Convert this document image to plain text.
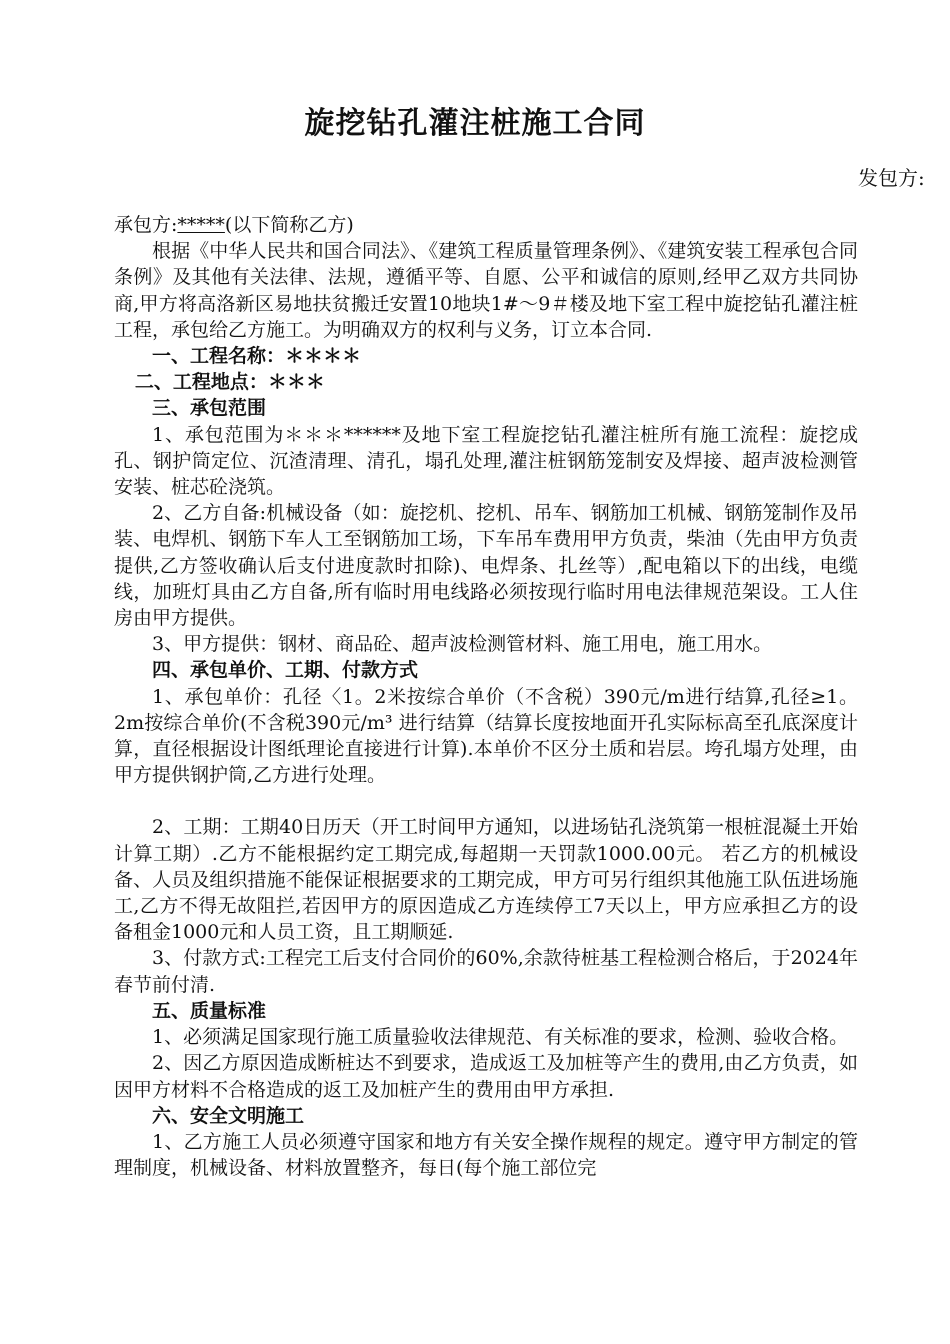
旋挖钻孔灌注桩施工合同
发包方:

承包方:*****(以下简称乙方)

根据《中华人民共和国合同法》、《建筑工程质量管理条例》、《建筑安装工程承包合同条例》及其他有关法律、法规，遵循平等、自愿、公平和诚信的原则,经甲乙双方共同协商,甲方将高洛新区易地扶贫搬迁安置10地块1#～9＃楼及地下室工程中旋挖钻孔灌注桩工程，承包给乙方施工。为明确双方的权利与义务，订立本合同.

一、工程名称：＊＊＊＊

二、工程地点：＊＊＊

三、承包范围

1、承包范围为＊＊＊******及地下室工程旋挖钻孔灌注桩所有施工流程：旋挖成孔、钢护筒定位、沉渣清理、清孔，塌孔处理,灌注桩钢筋笼制安及焊接、超声波检测管安装、桩芯砼浇筑。

2、乙方自备:机械设备（如：旋挖机、挖机、吊车、钢筋加工机械、钢筋笼制作及吊装、电焊机、钢筋下车人工至钢筋加工场，下车吊车费用甲方负责，柴油（先由甲方负责提供,乙方签收确认后支付进度款时扣除)、电焊条、扎丝等）,配电箱以下的出线，电缆线，加班灯具由乙方自备,所有临时用电线路必须按现行临时用电法律规范架设。工人住房由甲方提供。

3、甲方提供：钢材、商品砼、超声波检测管材料、施工用电，施工用水。

四、承包单价、工期、付款方式

1、承包单价：孔径〈1。2米按综合单价（不含税）390元/m进行结算,孔径≥1。2m按综合单价(不含税390元/m³ 进行结算（结算长度按地面开孔实际标高至孔底深度计算，直径根据设计图纸理论直接进行计算).本单价不区分土质和岩层。垮孔塌方处理，由甲方提供钢护筒,乙方进行处理。

2、工期：工期40日历天（开工时间甲方通知，以进场钻孔浇筑第一根桩混凝土开始计算工期）.乙方不能根据约定工期完成,每超期一天罚款1000.00元。 若乙方的机械设备、人员及组织措施不能保证根据要求的工期完成，甲方可另行组织其他施工队伍进场施工,乙方不得无故阻拦,若因甲方的原因造成乙方连续停工7天以上，甲方应承担乙方的设备租金1000元和人员工资，且工期顺延.

3、付款方式:工程完工后支付合同价的60%,余款待桩基工程检测合格后，于2024年春节前付清.

五、质量标准

1、必须满足国家现行施工质量验收法律规范、有关标准的要求，检测、验收合格。

2、因乙方原因造成断桩达不到要求，造成返工及加桩等产生的费用,由乙方负责，如因甲方材料不合格造成的返工及加桩产生的费用由甲方承担.

六、安全文明施工

1、乙方施工人员必须遵守国家和地方有关安全操作规程的规定。遵守甲方制定的管理制度，机械设备、材料放置整齐，每日(每个施工部位完
